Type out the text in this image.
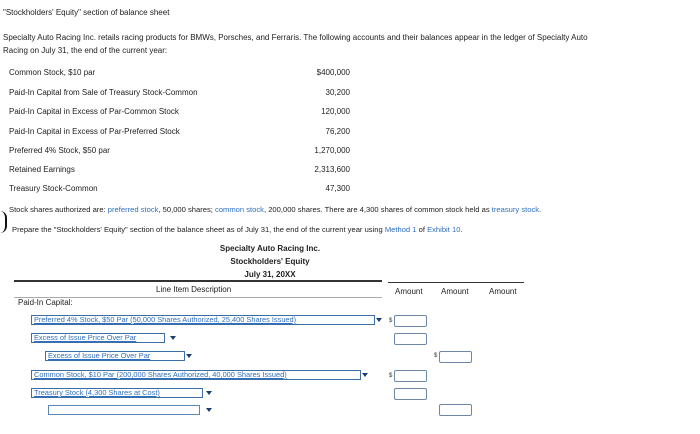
"Stockholders' Equity" section of balance sheet
Specialty Auto Racing Inc. retails racing products for BMWs, Porsches, and Ferraris. The following accounts and their balances appear in the ledger of Specialty Auto
Racing on July 31, the end of the current year:
Common Stock, $10 par	$400,000
Paid-In Capital from Sale of Treasury Stock-Common	30,200
Paid-In Capital in Excess of Par-Common Stock	120,000
Paid-In Capital in Excess of Par-Preferred Stock	76,200
Preferred 4% Stock, $50 par	1,270,000
Retained Earnings	2,313,600
Treasury Stock-Common	47,300
Stock shares authorized are: preferred stock, 50,000 shares; common stock, 200,000 shares. There are 4,300 shares of common stock held as treasury stock.
Prepare the "Stockholders' Equity" section of the balance sheet as of July 31, the end of the current year using Method 1 of Exhibit 10.
Specialty Auto Racing Inc.
Stockholders' Equity
July 31, 20XX
Line Item Description	Amount Amount	Amount
Paid-In Capital:
Preferred 4% Stock, $50 Par (50,000 Shares Authorized, 25,400 Shares Issued)	$
Excess of Issue Price Over Par
Excess of Issue Price Over Par	$
Common Stock, $10 Par (200,000 Shares Authorized, 40,000 Shares Issued)	$
Treasury Stock (4,300 Shares at Cost)
